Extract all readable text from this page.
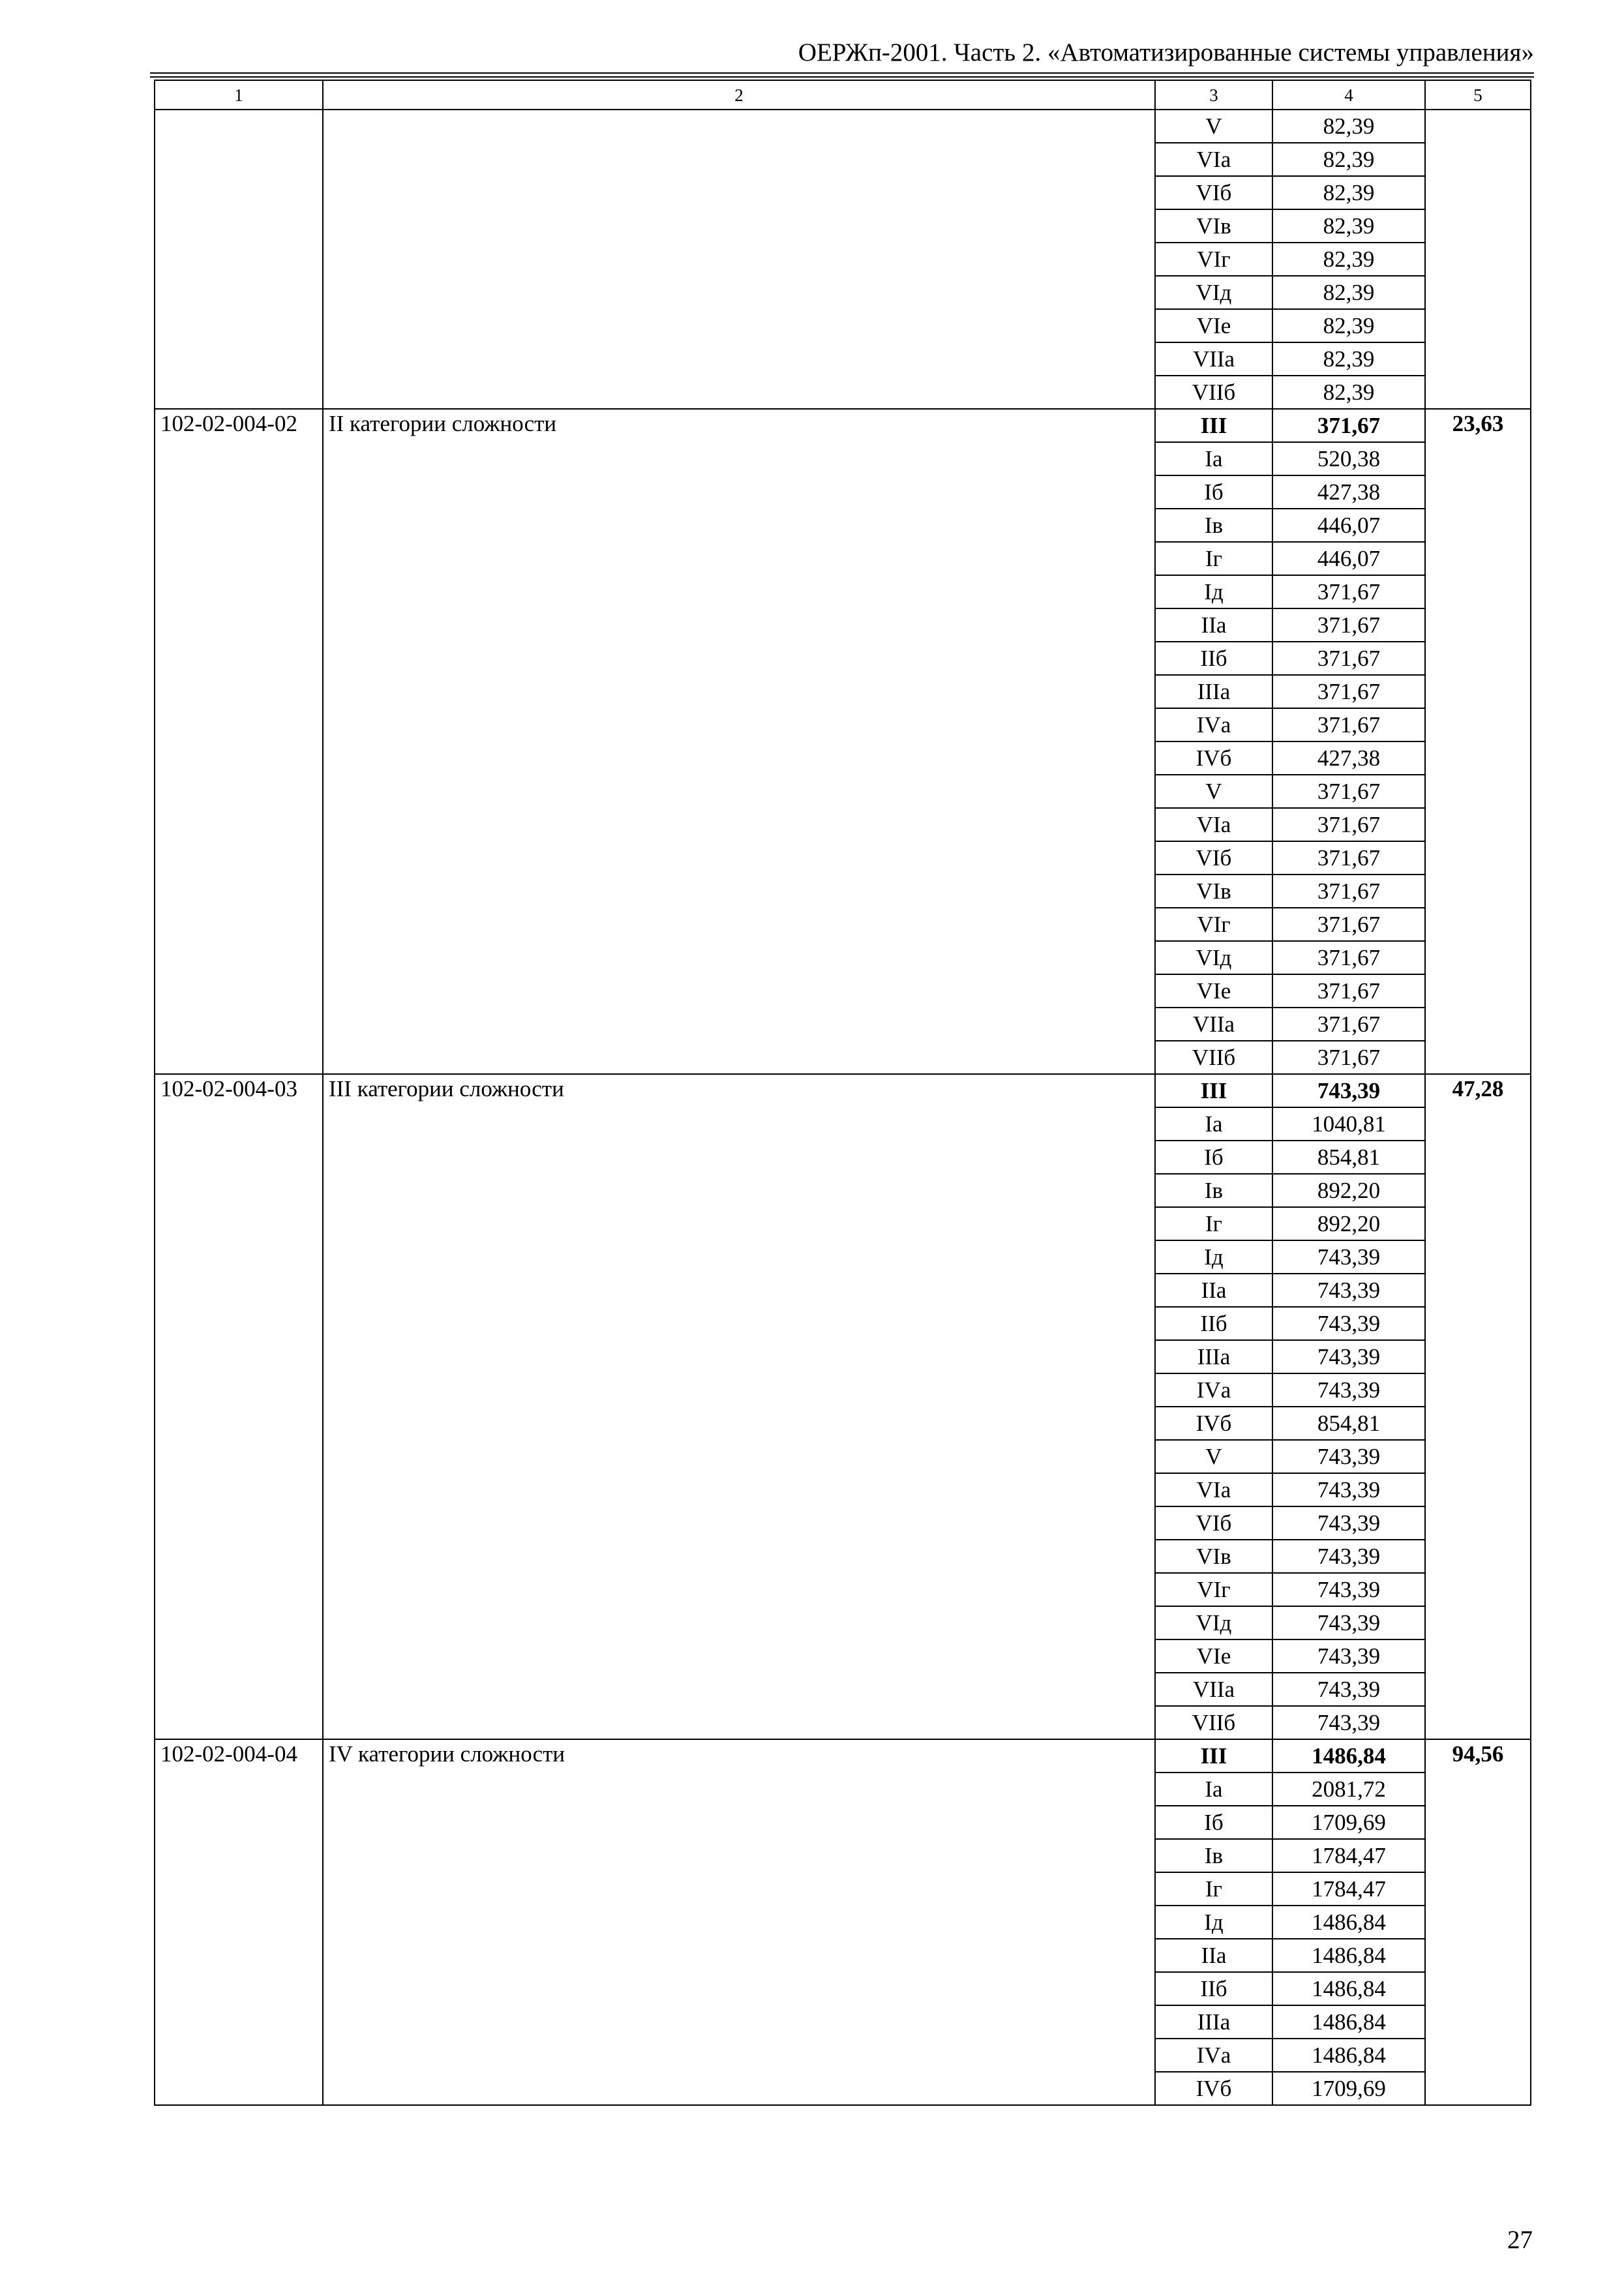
ОЕРЖп-2001. Часть 2. «Автоматизированные системы управления»
1	2	3	4	5
		V	82,39	
		VIа	82,39	
		VIб	82,39	
		VIв	82,39	
		VIг	82,39	
		VIд	82,39	
		VIе	82,39	
		VIIа	82,39	
		VIIб	82,39	
102-02-004-02	II категории сложности	III	371,67	23,63
		Iа	520,38	
		Iб	427,38	
		Iв	446,07	
		Iг	446,07	
		Iд	371,67	
		IIа	371,67	
		IIб	371,67	
		IIIа	371,67	
		IVа	371,67	
		IVб	427,38	
		V	371,67	
		VIа	371,67	
		VIб	371,67	
		VIв	371,67	
		VIг	371,67	
		VIд	371,67	
		VIе	371,67	
		VIIа	371,67	
		VIIб	371,67	
102-02-004-03	III категории сложности	III	743,39	47,28
		Iа	1040,81	
		Iб	854,81	
		Iв	892,20	
		Iг	892,20	
		Iд	743,39	
		IIа	743,39	
		IIб	743,39	
		IIIа	743,39	
		IVа	743,39	
		IVб	854,81	
		V	743,39	
		VIа	743,39	
		VIб	743,39	
		VIв	743,39	
		VIг	743,39	
		VIд	743,39	
		VIе	743,39	
		VIIа	743,39	
		VIIб	743,39	
102-02-004-04	IV категории сложности	III	1486,84	94,56
		Iа	2081,72	
		Iб	1709,69	
		Iв	1784,47	
		Iг	1784,47	
		Iд	1486,84	
		IIа	1486,84	
		IIб	1486,84	
		IIIа	1486,84	
		IVа	1486,84	
		IVб	1709,69	
27
